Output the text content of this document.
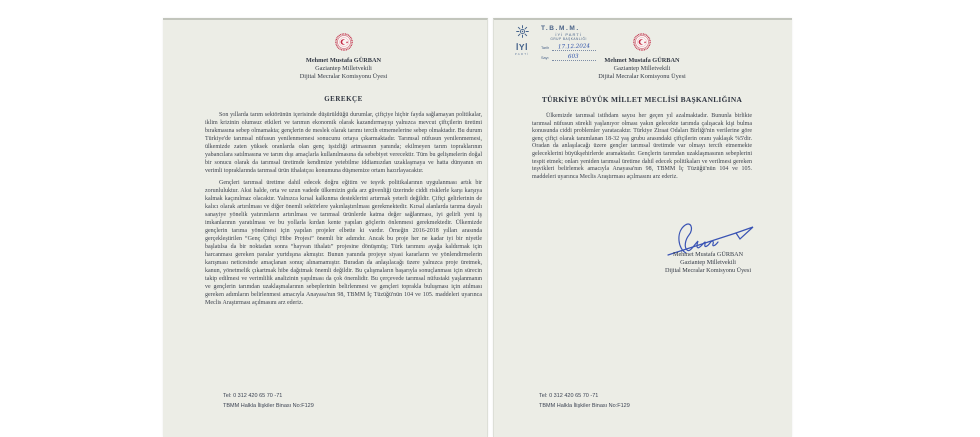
Mehmet Mustafa GÜRBAN
Gaziantep Milletvekili
Dijital Mecralar Komisyonu Üyesi
GEREKÇE

Son yıllarda tarım sektörünün içerisinde düşürüldüğü durumlar, çiftçiye hiçbir fayda sağlamayan politikalar, iklim krizinin olumsuz etkileri ve tarımın ekonomik olarak kazandırmayışı yalnızca mevcut çiftçilerin üretimi bırakmasına sebep olmamakta; gençlerin de meslek olarak tarımı tercih etmemelerine sebep olmaktadır. Bu durum Türkiye'de tarımsal nüfusun yenilenmemesi sonucunu ortaya çıkarmaktadır. Tarımsal nüfusun yenilenmemesi, ülkemizde zaten yüksek oranlarda olan genç işsizliği artmasının yanında; ekilmeyen tarım topraklarının yabancılara satılmasına ve tarım dışı amaçlarla kullanılmasına da sebebiyet verecektir. Tüm bu gelişmelerin doğal bir sonucu olarak da tarımsal üretimde kendimize yetebilme iddiamızdan uzaklaşmaya ve hatta dünyanın en verimli topraklarında tarımsal ürün ithalatçısı konumuna düşmemize ortam hazırlayacaktır.

Gençleri tarımsal üretime dahil edecek doğru eğitim ve teşvik politikalarının uygulanması artık bir zorunluluktur. Aksi halde, orta ve uzun vadede ülkemizin gıda arz güvenliği üzerinde ciddi risklerle karşı karşıya kalmak kaçınılmaz olacaktır. Yalnızca kırsal kalkınma desteklerini artırmak yeterli değildir. Çiftçi gelirlerinin de kalıcı olarak artırılması ve diğer önemli sektörlere yakınlaştırılması gerekmektedir. Kırsal alanlarda tarıma dayalı sanayiye yönelik yatırımların artırılması ve tarımsal ürünlerde katma değer sağlanması, iyi gelirli yeni iş imkanlarının yaratılması ve bu yollarla kırdan kente yapılan göçlerin önlenmesi gerekmektedir. Ülkemizde gençlerin tarıma yönelmesi için yapılan projeler elbette ki vardır. Örneğin 2016-2018 yılları arasında gerçekleştirilen “Genç Çiftçi Hibe Projesi” önemli bir adımdır. Ancak bu proje her ne kadar iyi bir niyetle başlatılsa da bir noktadan sonra “hayvan ithalatı” projesine dönüşmüş; Türk tarımını ayağa kaldırmak için harcanması gereken paralar yurtdışına akmıştır. Bunun yanında projeye siyasi kararların ve yönlendirmelerin karışması neticesinde amaçlanan sonuç alınamamıştır. Buradan da anlaşılacağı üzere yalnızca proje üretmek, kanun, yönetmelik çıkartmak hibe dağıtmak önemli değildir. Bu çalışmaların başarıyla sonuçlanması için sürecin takip edilmesi ve verimlilik analizinin yapılması da çok önemlidir. Bu çerçevede tarımsal nüfustaki yaşlanmanın ve gençlerin tarımdan uzaklaşmalarının sebeplerinin belirlenmesi ve gençleri toprakla buluşması için atılması gereken adımların belirlenmesi amacıyla Anayasa'nın 98, TBMM İç Tüzüğü'nün 104 ve 105. maddeleri uyarınca Meclis Araştırması açılmasını arz ederiz.

Tel: 0 312 420 65 70 -71
TBMM Halkla İlişkiler Binası No:F129
İYİ
PARTİ
T.B.M.M.
İYİ PARTİ
GRUP BAŞKANLIĞI
Tarih	17.12.2024
Sayı	603
Mehmet Mustafa GÜRBAN
Gaziantep Milletvekili
Dijital Mecralar Komisyonu Üyesi
TÜRKİYE BÜYÜK MİLLET MECLİSİ BAŞKANLIĞINA

Ülkemizde tarımsal istihdam sayısı her geçen yıl azalmaktadır. Bununla birlikte tarımsal nüfusun sürekli yaşlanıyor olması yakın gelecekte tarımda çalışacak kişi bulma konusunda ciddi problemler yaratacaktır. Türkiye Ziraat Odaları Birliği'nin verilerine göre genç çiftçi olarak tanımlanan 18-32 yaş grubu arasındaki çiftçilerin oranı yaklaşık %5'dir. Oradan da anlaşılacağı üzere gençler tarımsal üretimde var olmayı tercih etmemekte geleceklerini büyükşehirlerde aramaktadır. Gençlerin tarımdan uzaklaşmasının sebeplerini tespit etmek; onları yeniden tarımsal üretime dahil edecek politikaları ve verilmesi gereken teşvikleri belirlemek amacıyla Anayasa'nın 98, TBMM İç Tüzüğü'nün 104 ve 105. maddeleri uyarınca Meclis Araştırması açılmasını arz ederiz.

Mehmet Mustafa GÜRBAN
Gaziantep Milletvekili
Dijital Mecralar Komisyonu Üyesi
Tel: 0 312 420 65 70 -71
TBMM Halkla İlişkiler Binası No:F129
